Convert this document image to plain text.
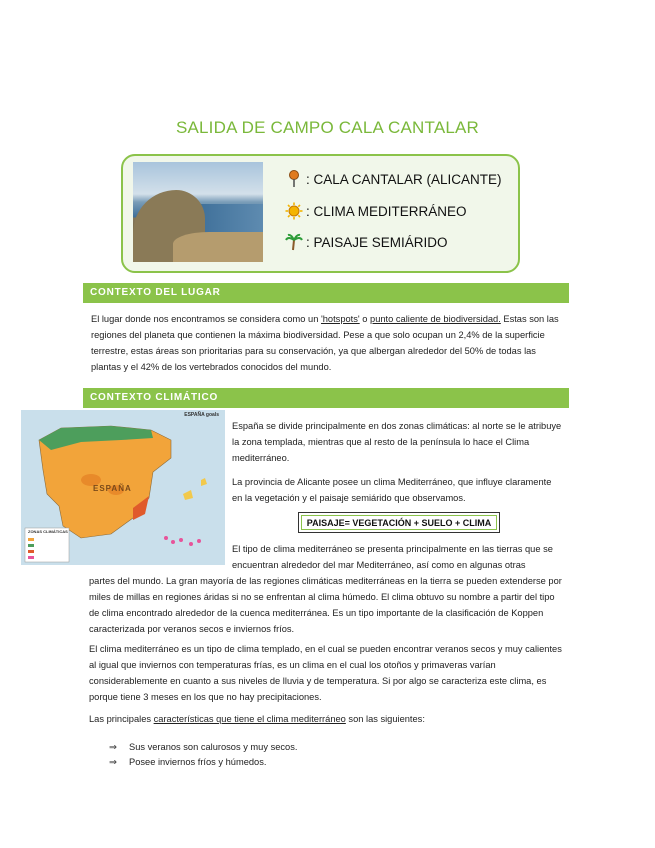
SALIDA DE CAMPO CALA CANTALAR
: CALA CANTALAR (ALICANTE)
: CLIMA MEDITERRÁNEO
: PAISAJE SEMIÁRIDO
CONTEXTO DEL LUGAR
El lugar donde nos encontramos se considera como un 'hotspots' o punto caliente de biodiversidad. Estas son las regiones del planeta que contienen la máxima biodiversidad. Pese a que solo ocupan un 2,4% de la superficie terrestre, estas áreas son prioritarias para su conservación, ya que albergan alrededor del 50% de todas las plantas y el 42% de los vertebrados conocidos del mundo.
CONTEXTO CLIMÁTICO
ESPAÑA goals
ESPAÑA
ZONAS CLIMÁTICAS
España se divide principalmente en dos zonas climáticas: al norte se le atribuye la zona templada, mientras que al resto de la península lo hace el Clima mediterráneo.
La provincia de Alicante posee un clima Mediterráneo, que influye claramente en la vegetación y el paisaje semiárido que observamos.
PAISAJE= VEGETACIÓN + SUELO + CLIMA
El tipo de clima mediterráneo se presenta principalmente en las tierras que se encuentran alrededor del mar Mediterráneo, así como en algunas otras
partes del mundo. La gran mayoría de las regiones climáticas mediterráneas en la tierra se pueden extenderse por miles de millas en regiones áridas si no se enfrentan al clima húmedo. El clima obtuvo su nombre a partir del tipo de clima encontrado alrededor de la cuenca mediterránea. Es un tipo importante de la clasificación de Koppen caracterizada por veranos secos e inviernos fríos.
El clima mediterráneo es un tipo de clima templado, en el cual se pueden encontrar veranos secos y muy calientes al igual que inviernos con temperaturas frías, es un clima en el cual los otoños y primaveras varían considerablemente en cuanto a sus niveles de lluvia y de temperatura. Si por algo se caracteriza este clima, es porque tiene 3 meses en los que no hay precipitaciones.
Las principales características que tiene el clima mediterráneo son las siguientes:
⇒ Sus veranos son calurosos y muy secos.
⇒ Posee inviernos fríos y húmedos.
